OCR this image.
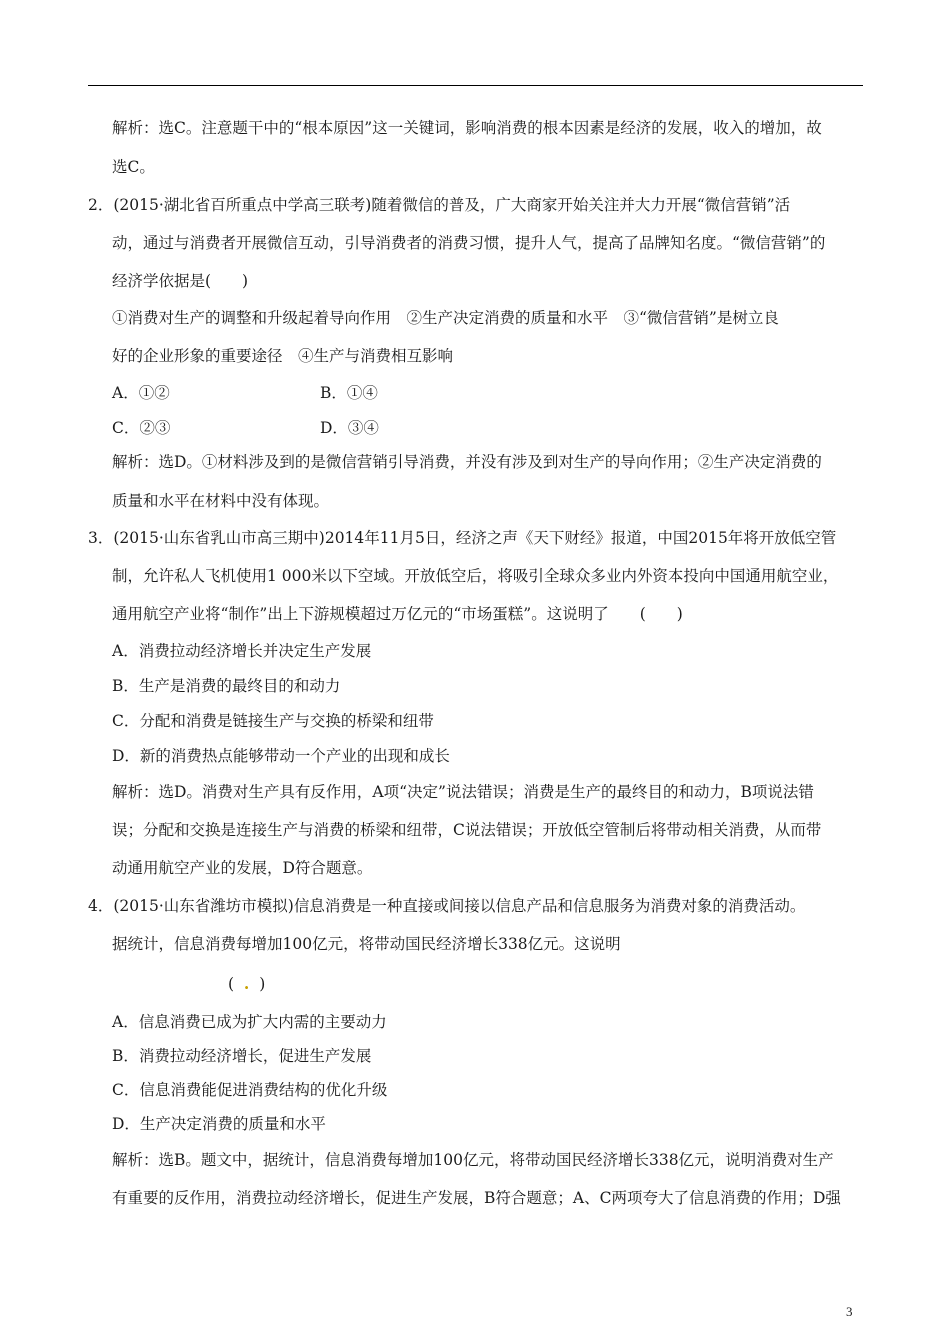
解析：选C。注意题干中的“根本原因”这一关键词，影响消费的根本因素是经济的发展，收入的增加，故
选C。
2．(2015·湖北省百所重点中学高三联考)随着微信的普及，广大商家开始关注并大力开展“微信营销”活
动，通过与消费者开展微信互动，引导消费者的消费习惯，提升人气，提高了品牌知名度。“微信营销”的
经济学依据是(　　)
①消费对生产的调整和升级起着导向作用　②生产决定消费的质量和水平　③“微信营销”是树立良
好的企业形象的重要途径　④生产与消费相互影响
A．①②	B．①④
C．②③	D．③④
解析：选D。①材料涉及到的是微信营销引导消费，并没有涉及到对生产的导向作用；②生产决定消费的
质量和水平在材料中没有体现。
3．(2015·山东省乳山市高三期中)2014年11月5日，经济之声《天下财经》报道，中国2015年将开放低空管
制，允许私人飞机使用1 000米以下空域。开放低空后，将吸引全球众多业内外资本投向中国通用航空业，
通用航空产业将“制作”出上下游规模超过万亿元的“市场蛋糕”。这说明了　　(　　)
A．消费拉动经济增长并决定生产发展
B．生产是消费的最终目的和动力
C．分配和消费是链接生产与交换的桥梁和纽带
D．新的消费热点能够带动一个产业的出现和成长
解析：选D。消费对生产具有反作用，A项“决定”说法错误；消费是生产的最终目的和动力，B项说法错
误；分配和交换是连接生产与消费的桥梁和纽带，C说法错误；开放低空管制后将带动相关消费，从而带
动通用航空产业的发展，D符合题意。
4．(2015·山东省潍坊市模拟)信息消费是一种直接或间接以信息产品和信息服务为消费对象的消费活动。
据统计，信息消费每增加100亿元，将带动国民经济增长338亿元。这说明
( . )
A．信息消费已成为扩大内需的主要动力
B．消费拉动经济增长，促进生产发展
C．信息消费能促进消费结构的优化升级
D．生产决定消费的质量和水平
解析：选B。题文中，据统计，信息消费每增加100亿元，将带动国民经济增长338亿元，说明消费对生产
有重要的反作用，消费拉动经济增长，促进生产发展，B符合题意；A、C两项夸大了信息消费的作用；D强
3
